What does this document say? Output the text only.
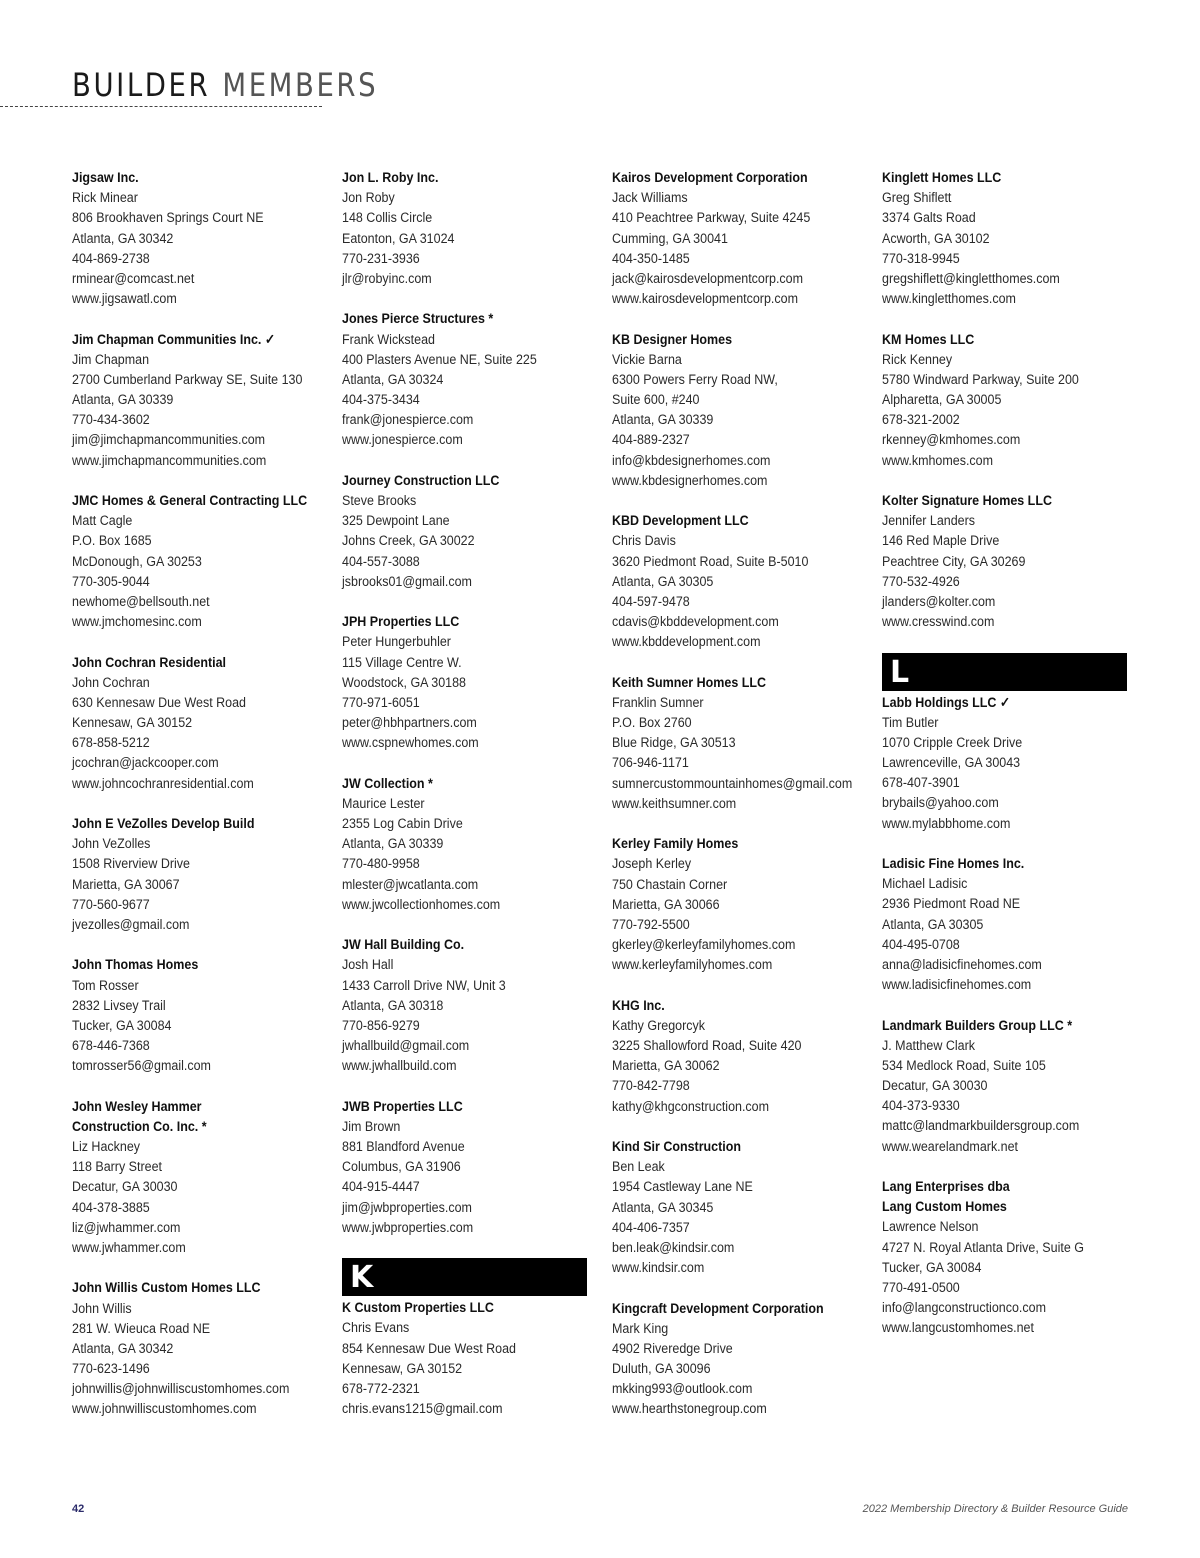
BUILDER MEMBERS
Jigsaw Inc.
Rick Minear
806 Brookhaven Springs Court NE
Atlanta, GA 30342
404-869-2738
rminear@comcast.net
www.jigsawatl.com
Jim Chapman Communities Inc. ✓
Jim Chapman
2700 Cumberland Parkway SE, Suite 130
Atlanta, GA 30339
770-434-3602
jim@jimchapmancommunities.com
www.jimchapmancommunities.com
JMC Homes & General Contracting LLC
Matt Cagle
P.O. Box 1685
McDonough, GA 30253
770-305-9044
newhome@bellsouth.net
www.jmchomesinc.com
John Cochran Residential
John Cochran
630 Kennesaw Due West Road
Kennesaw, GA 30152
678-858-5212
jcochran@jackcooper.com
www.johncochranresidential.com
John E VeZolles Develop Build
John VeZolles
1508 Riverview Drive
Marietta, GA 30067
770-560-9677
jvezolles@gmail.com
John Thomas Homes
Tom Rosser
2832 Livsey Trail
Tucker, GA 30084
678-446-7368
tomrosser56@gmail.com
John Wesley Hammer
Construction Co. Inc. *
Liz Hackney
118 Barry Street
Decatur, GA 30030
404-378-3885
liz@jwhammer.com
www.jwhammer.com
John Willis Custom Homes LLC
John Willis
281 W. Wieuca Road NE
Atlanta, GA 30342
770-623-1496
johnwillis@johnwilliscustomhomes.com
www.johnwilliscustomhomes.com
Jon L. Roby Inc.
Jon Roby
148 Collis Circle
Eatonton, GA 31024
770-231-3936
jlr@robyinc.com
Jones Pierce Structures *
Frank Wickstead
400 Plasters Avenue NE, Suite 225
Atlanta, GA 30324
404-375-3434
frank@jonespierce.com
www.jonespierce.com
Journey Construction LLC
Steve Brooks
325 Dewpoint Lane
Johns Creek, GA 30022
404-557-3088
jsbrooks01@gmail.com
JPH Properties LLC
Peter Hungerbuhler
115 Village Centre W.
Woodstock, GA 30188
770-971-6051
peter@hbhpartners.com
www.cspnewhomes.com
JW Collection *
Maurice Lester
2355 Log Cabin Drive
Atlanta, GA 30339
770-480-9958
mlester@jwcatlanta.com
www.jwcollectionhomes.com
JW Hall Building Co.
Josh Hall
1433 Carroll Drive NW, Unit 3
Atlanta, GA 30318
770-856-9279
jwhallbuild@gmail.com
www.jwhallbuild.com
JWB Properties LLC
Jim Brown
881 Blandford Avenue
Columbus, GA 31906
404-915-4447
jim@jwbproperties.com
www.jwbproperties.com
K
K Custom Properties LLC
Chris Evans
854 Kennesaw Due West Road
Kennesaw, GA 30152
678-772-2321
chris.evans1215@gmail.com
Kairos Development Corporation
Jack Williams
410 Peachtree Parkway, Suite 4245
Cumming, GA 30041
404-350-1485
jack@kairosdevelopmentcorp.com
www.kairosdevelopmentcorp.com
KB Designer Homes
Vickie Barna
6300 Powers Ferry Road NW,
Suite 600, #240
Atlanta, GA 30339
404-889-2327
info@kbdesignerhomes.com
www.kbdesignerhomes.com
KBD Development LLC
Chris Davis
3620 Piedmont Road, Suite B-5010
Atlanta, GA 30305
404-597-9478
cdavis@kbddevelopment.com
www.kbddevelopment.com
Keith Sumner Homes LLC
Franklin Sumner
P.O. Box 2760
Blue Ridge, GA 30513
706-946-1171
sumnercustommountainhomes@gmail.com
www.keithsumner.com
Kerley Family Homes
Joseph Kerley
750 Chastain Corner
Marietta, GA 30066
770-792-5500
gkerley@kerleyfamilyhomes.com
www.kerleyfamilyhomes.com
KHG Inc.
Kathy Gregorcyk
3225 Shallowford Road, Suite 420
Marietta, GA 30062
770-842-7798
kathy@khgconstruction.com
Kind Sir Construction
Ben Leak
1954 Castleway Lane NE
Atlanta, GA 30345
404-406-7357
ben.leak@kindsir.com
www.kindsir.com
Kingcraft Development Corporation
Mark King
4902 Riveredge Drive
Duluth, GA 30096
mkking993@outlook.com
www.hearthstonegroup.com
Kinglett Homes LLC
Greg Shiflett
3374 Galts Road
Acworth, GA 30102
770-318-9945
gregshiflett@kingletthomes.com
www.kingletthomes.com
KM Homes LLC
Rick Kenney
5780 Windward Parkway, Suite 200
Alpharetta, GA 30005
678-321-2002
rkenney@kmhomes.com
www.kmhomes.com
Kolter Signature Homes LLC
Jennifer Landers
146 Red Maple Drive
Peachtree City, GA 30269
770-532-4926
jlanders@kolter.com
www.cresswind.com
L
Labb Holdings LLC ✓
Tim Butler
1070 Cripple Creek Drive
Lawrenceville, GA 30043
678-407-3901
brybails@yahoo.com
www.mylabbhome.com
Ladisic Fine Homes Inc.
Michael Ladisic
2936 Piedmont Road NE
Atlanta, GA 30305
404-495-0708
anna@ladisicfinehomes.com
www.ladisicfinehomes.com
Landmark Builders Group LLC *
J. Matthew Clark
534 Medlock Road, Suite 105
Decatur, GA 30030
404-373-9330
mattc@landmarkbuildersgroup.com
www.wearelandmark.net
Lang Enterprises dba
Lang Custom Homes
Lawrence Nelson
4727 N. Royal Atlanta Drive, Suite G
Tucker, GA 30084
770-491-0500
info@langconstructionco.com
www.langcustomhomes.net
42	2022 Membership Directory & Builder Resource Guide
